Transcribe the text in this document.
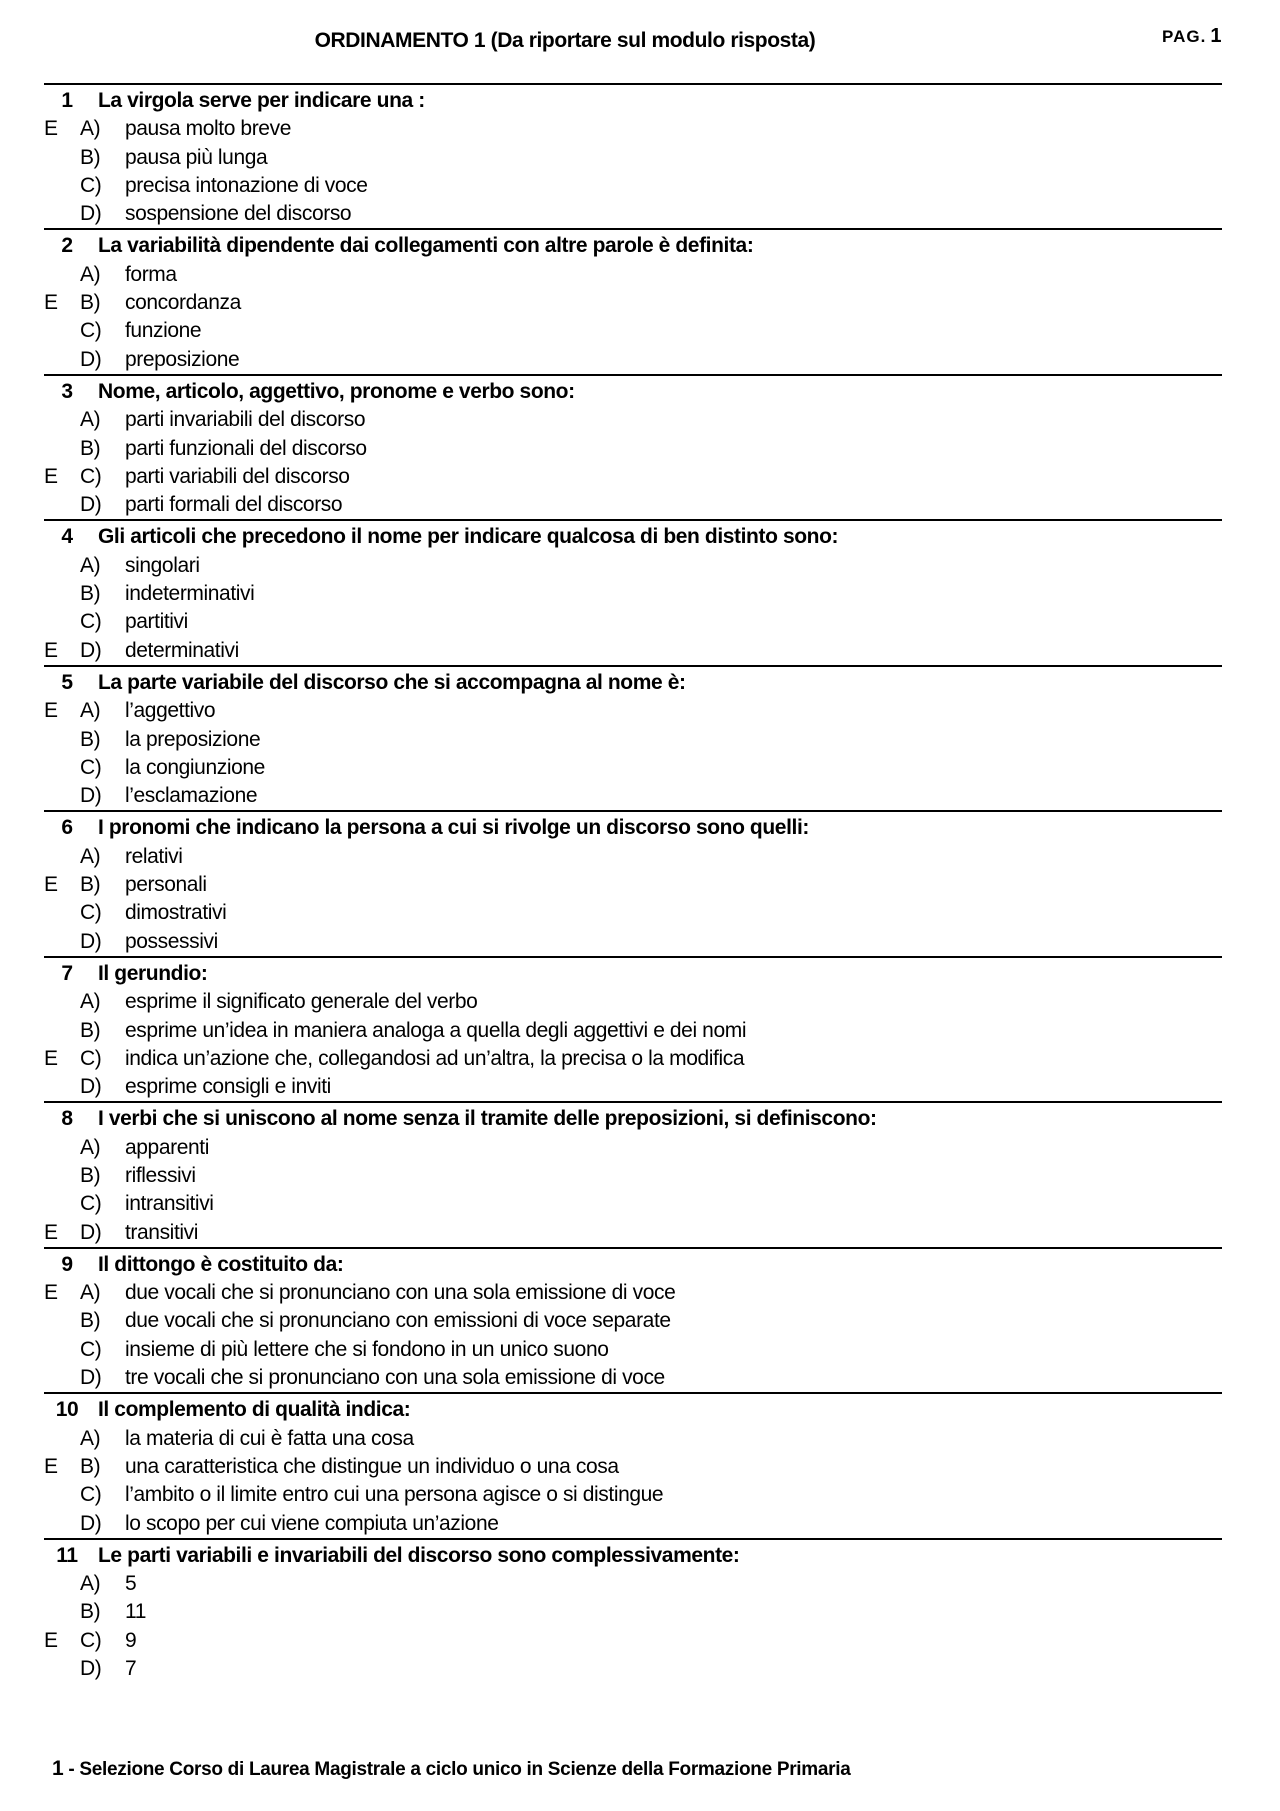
ORDINAMENTO 1 (Da riportare sul modulo risposta)	PAG. 1
1	La virgola serve per indicare una :
E	A)	pausa molto breve
B)	pausa più lunga
C)	precisa intonazione di voce
D)	sospensione del discorso
2	La variabilità dipendente dai collegamenti con altre parole è definita:
A)	forma
E	B)	concordanza
C)	funzione
D)	preposizione
3	Nome, articolo, aggettivo, pronome e verbo sono:
A)	parti invariabili del discorso
B)	parti funzionali del discorso
E	C)	parti variabili del discorso
D)	parti formali del discorso
4	Gli articoli che precedono il nome per indicare qualcosa di ben distinto sono:
A)	singolari
B)	indeterminativi
C)	partitivi
E	D)	determinativi
5	La parte variabile del discorso che si accompagna al nome è:
E	A)	l’aggettivo
B)	la preposizione
C)	la congiunzione
D)	l’esclamazione
6	I pronomi che indicano la persona a cui si rivolge un discorso sono quelli:
A)	relativi
E	B)	personali
C)	dimostrativi
D)	possessivi
7	Il gerundio:
A)	esprime il significato generale del verbo
B)	esprime un’idea in maniera analoga a quella degli aggettivi e dei nomi
E	C)	indica un’azione che, collegandosi ad un’altra, la precisa o la modifica
D)	esprime consigli e inviti
8	I verbi che si uniscono al nome senza il tramite delle preposizioni, si definiscono:
A)	apparenti
B)	riflessivi
C)	intransitivi
E	D)	transitivi
9	Il dittongo è costituito da:
E	A)	due vocali che si pronunciano con una sola emissione di voce
B)	due vocali che si pronunciano con emissioni di voce separate
C)	insieme di più lettere che si fondono in un unico suono
D)	tre vocali che si pronunciano con una sola emissione di voce
10 Il complemento di qualità indica:
A)	la materia di cui è fatta una cosa
E	B)	una caratteristica che distingue un individuo o una cosa
C)	l’ambito o il limite entro cui una persona agisce o si distingue
D)	lo scopo per cui viene compiuta un’azione
11 Le parti variabili e invariabili del discorso sono complessivamente:
A)	5
B)	11
E	C)	9
D)	7
1 - Selezione Corso di Laurea Magistrale a ciclo unico in Scienze della Formazione Primaria
